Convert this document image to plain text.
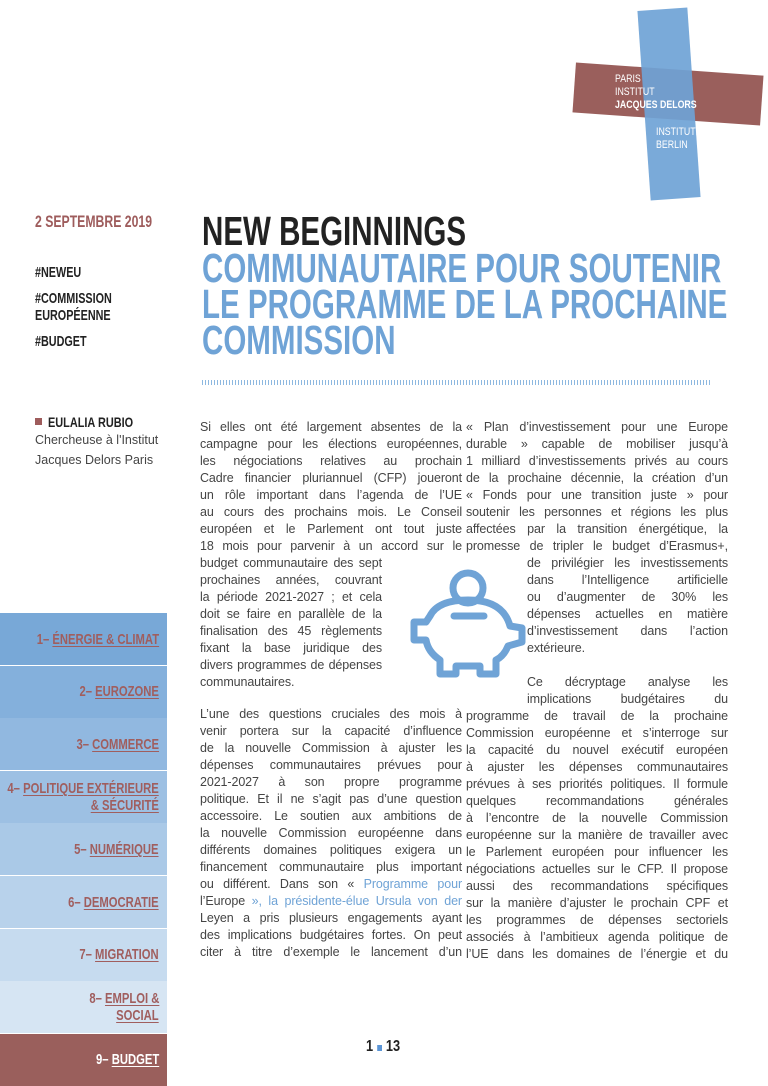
PARIS
INSTITUT
JACQUES DELORS
INSTITUTE
BERLIN
2 SEPTEMBRE 2019
#NEWEU
#COMMISSION
EUROPÉENNE
#BUDGET
NEW BEGINNINGS
COMMUNAUTAIRE POUR SOUTENIR
LE PROGRAMME DE LA PROCHAINE
COMMISSION
EULALIA RUBIO
Chercheuse à l'Institut
Jacques Delors Paris
Si elles ont été largement absentes de la
campagne pour les élections européennes,
les négociations relatives au prochain
Cadre financier pluriannuel (CFP) joueront
un rôle important dans l’agenda de l’UE
au cours des prochains mois. Le Conseil
européen et le Parlement ont tout juste
18 mois pour parvenir à un accord sur le
budget communautaire des sept
prochaines années, couvrant
la période 2021-2027 ; et cela
doit se faire en parallèle de la
finalisation des 45 règlements
fixant la base juridique des
divers programmes de dépenses
communautaires.
L’une des questions cruciales des mois à
venir portera sur la capacité d’influence
de la nouvelle Commission à ajuster les
dépenses communautaires prévues pour
2021-2027 à son propre programme
politique. Et il ne s’agit pas d’une question
accessoire. Le soutien aux ambitions de
la nouvelle Commission européenne dans
différents domaines politiques exigera un
financement communautaire plus important
ou différent. Dans son « Programme pour
l’Europe », la présidente-élue Ursula von der
Leyen a pris plusieurs engagements ayant
des implications budgétaires fortes. On peut
citer à titre d’exemple le lancement d’un
« Plan d’investissement pour une Europe
durable » capable de mobiliser jusqu’à
1 milliard d’investissements privés au cours
de la prochaine décennie, la création d’un
« Fonds pour une transition juste » pour
soutenir les personnes et régions les plus
affectées par la transition énergétique, la
promesse de tripler le budget d’Erasmus+,
de privilégier les investissements
dans l’Intelligence artificielle
ou d’augmenter de 30% les
dépenses actuelles en matière
d’investissement dans l’action
extérieure.
Ce décryptage analyse les
implications budgétaires du
programme de travail de la prochaine
Commission européenne et s’interroge sur
la capacité du nouvel exécutif européen
à ajuster les dépenses communautaires
prévues à ses priorités politiques. Il formule
quelques recommandations générales
à l’encontre de la nouvelle Commission
européenne sur la manière de travailler avec
le Parlement européen pour influencer les
négociations actuelles sur le CFP. Il propose
aussi des recommandations spécifiques
sur la manière d’ajuster le prochain CPF et
les programmes de dépenses sectoriels
associés à l’ambitieux agenda politique de
l’UE dans les domaines de l’énergie et du
1– ÉNERGIE & CLIMAT
2– EUROZONE
3– COMMERCE
4– POLITIQUE EXTÉRIEURE
& SÉCURITÉ
5– NUMÉRIQUE
6– DEMOCRATIE
7– MIGRATION
8– EMPLOI &
SOCIAL
9– BUDGET
1 13
